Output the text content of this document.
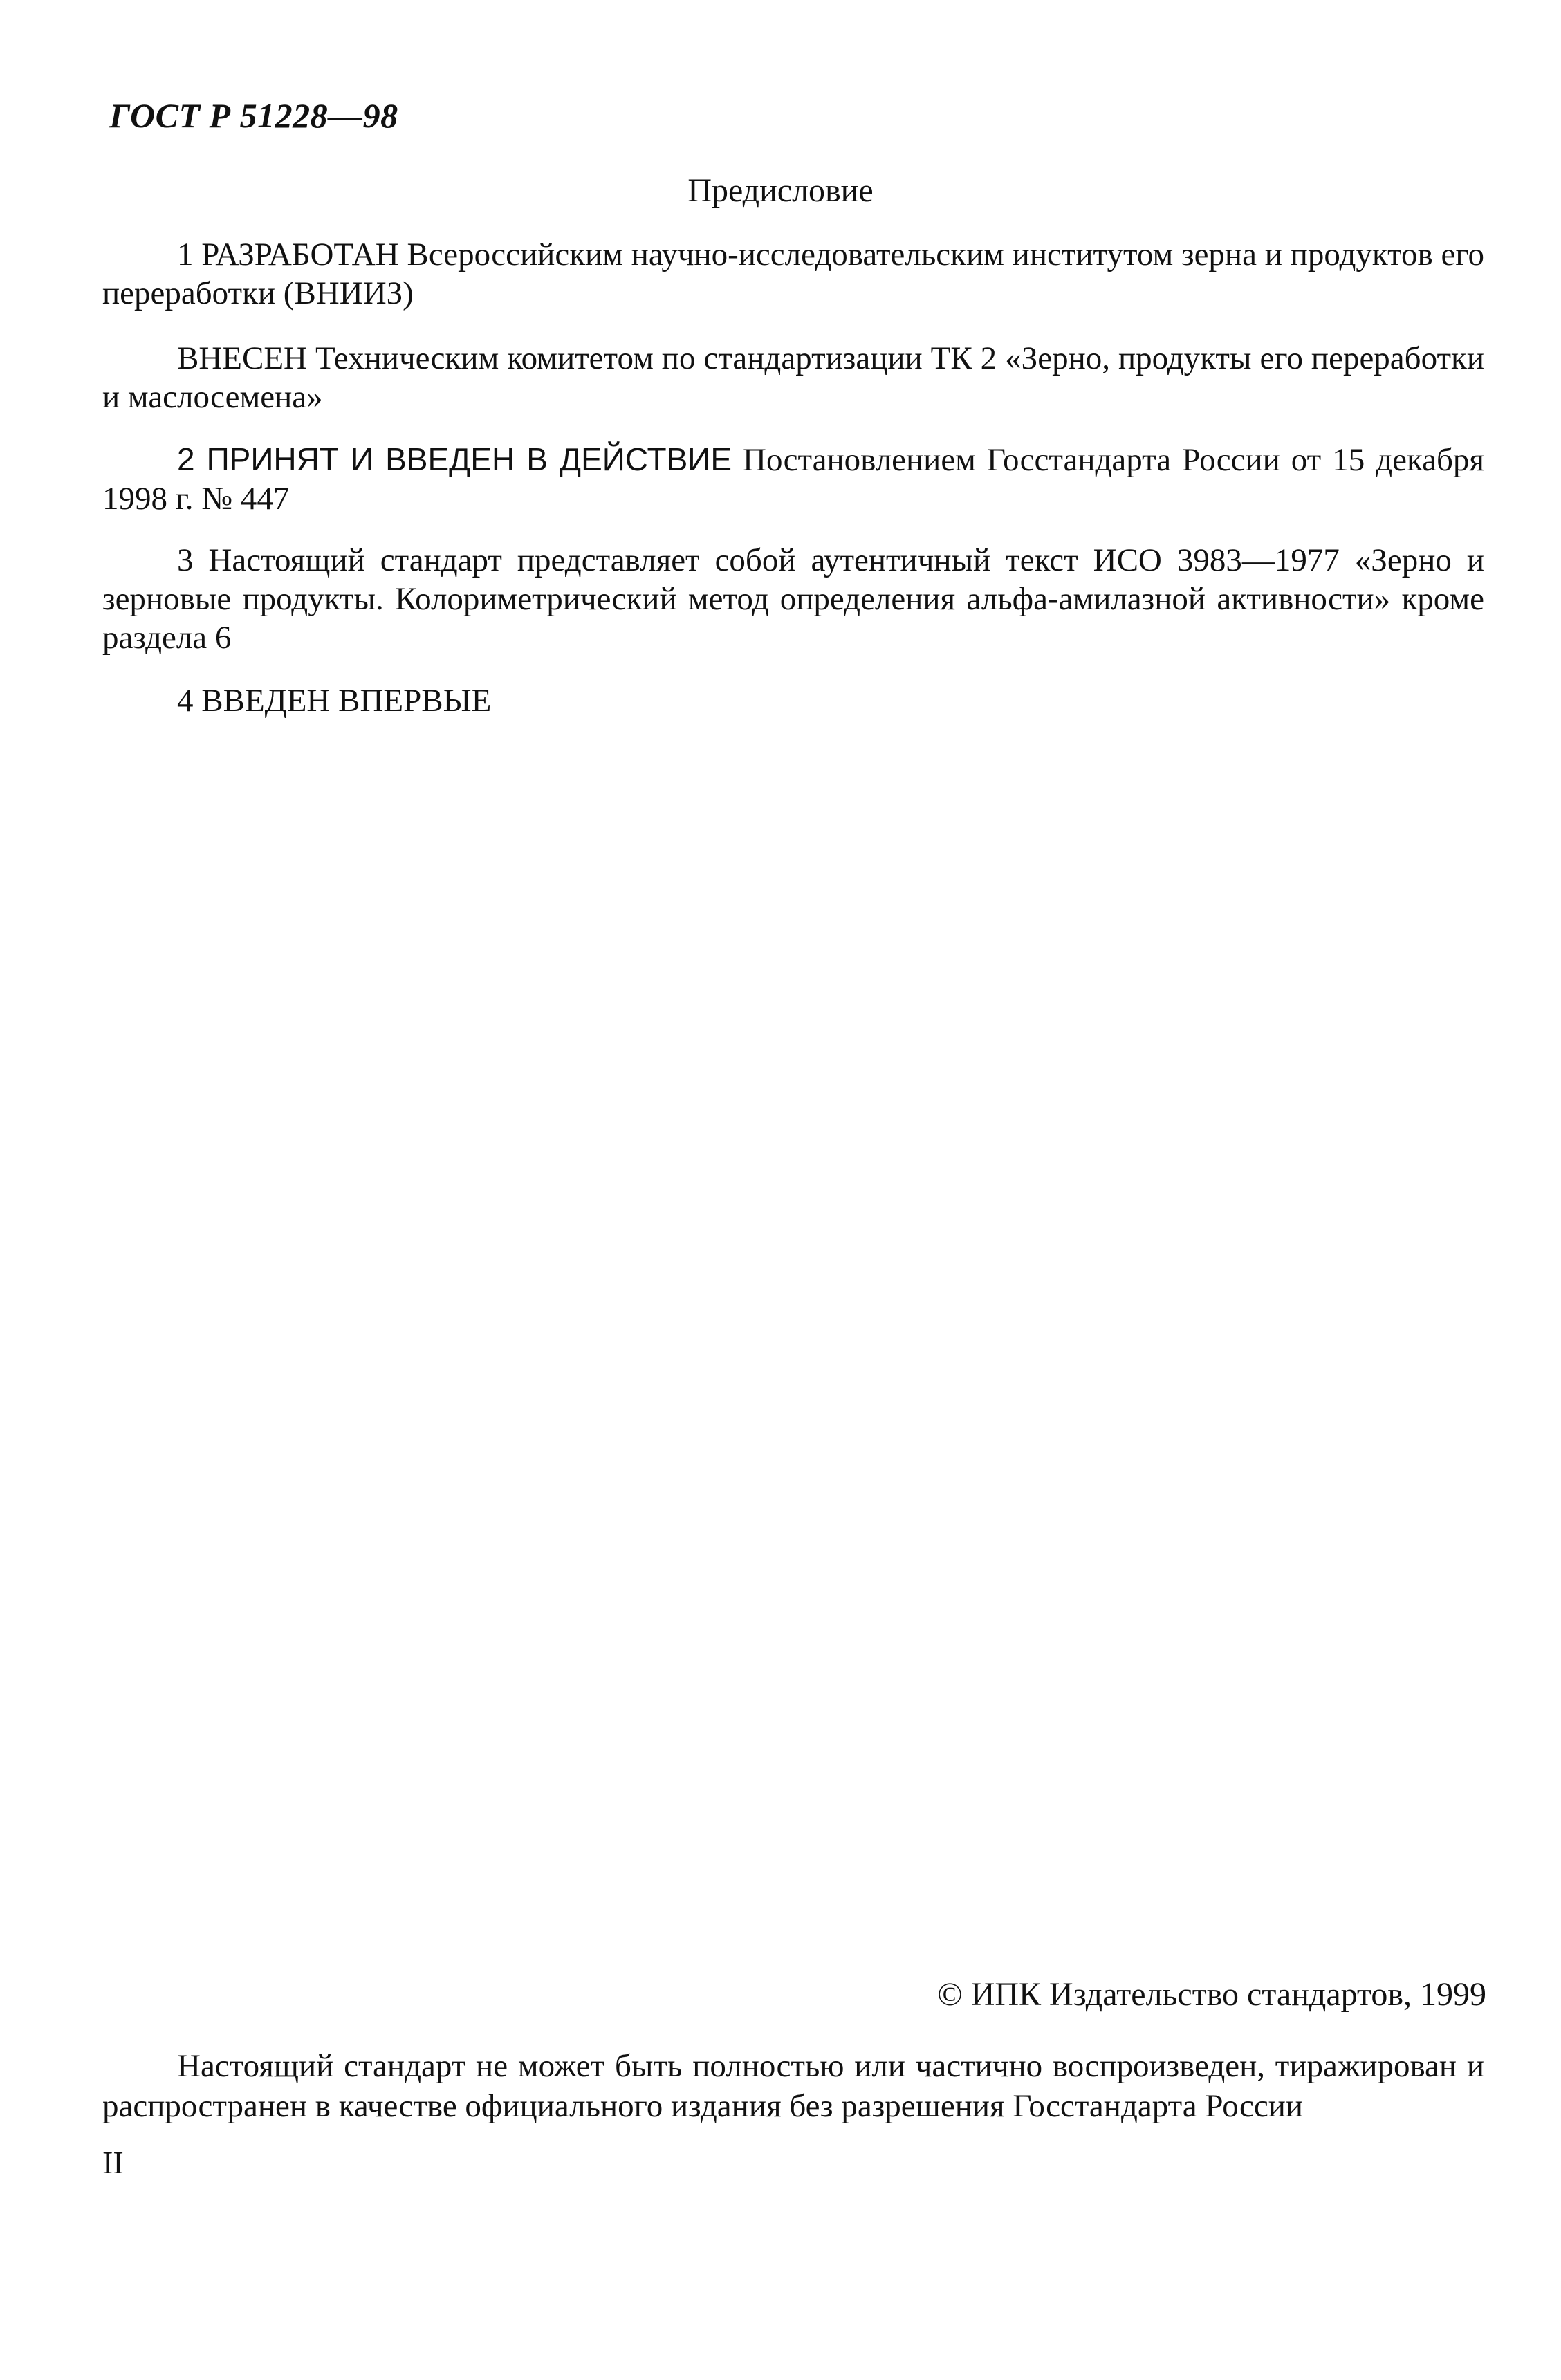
ГОСТ Р 51228—98
Предисловие
1 РАЗРАБОТАН Всероссийским научно-исследовательским институтом зерна и продуктов его переработки (ВНИИЗ)
ВНЕСЕН Техническим комитетом по стандартизации ТК 2 «Зерно, продукты его переработки и маслосемена»
2 ПРИНЯТ И ВВЕДЕН В ДЕЙСТВИЕ Постановлением Госстандарта России от 15 декабря 1998 г. № 447
3 Настоящий стандарт представляет собой аутентичный текст ИСО 3983—1977 «Зерно и зерновые продукты. Колориметрический метод определения альфа-амилазной активности» кроме раздела 6
4 ВВЕДЕН ВПЕРВЫЕ
© ИПК Издательство стандартов, 1999
Настоящий стандарт не может быть полностью или частично воспроизведен, тиражирован и распространен в качестве официального издания без разрешения Госстандарта России
II
